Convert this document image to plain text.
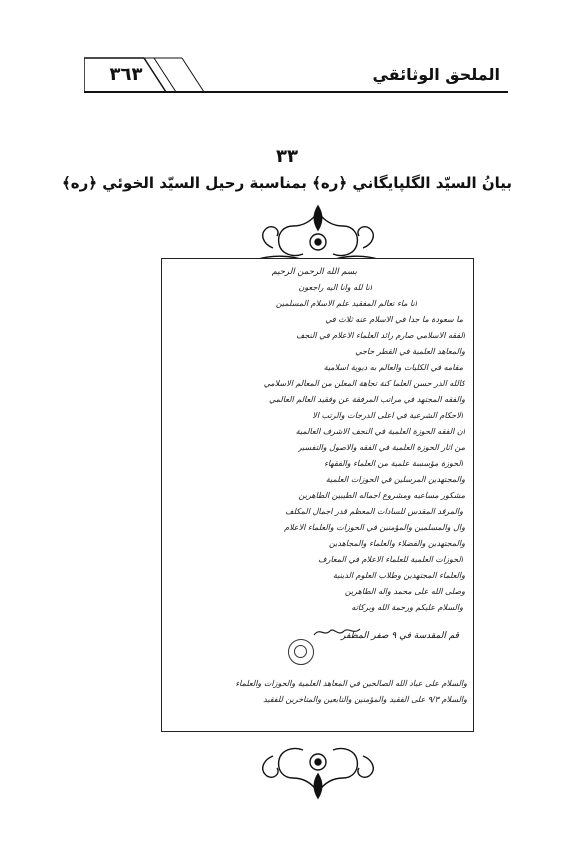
٣٦٣	الملحق الوثائقي
٣٣
بيانُ السيّد الگلپايگاني ﴿ره﴾ بمناسبة رحيل السيّد الخوئي ﴿ره﴾
بسم الله الرحمن الرحيم
انا لله وانا اليه راجعون
انا ماء تعالم المفقيد علم الاسلام المسلمين
ما سعودة ما جدا في الاسلام عنه ثلاث في
الفقه الاسلامي صارم رائد العلماء الاعلام في النجف
والمعاهد العلمية في القطر حاجي
مقامه في الكليات والعالم به ديوية اسلامية
كالله الدر حسن العلما كنة تجاهة المعلن من المعالم الاسلامي
والفقه المجتهد في مراتب المرفقة عن وفقيد العالم العالمي
الاحكام الشرعية في اعلى الدرجات والرتب الا
ان الفقه الحوزة العلمية في النجف الاشرف العالمية
من اثار الحوزة العلمية في الفقه والاصول والتفسير
الحوزة مؤسسة علمية من العلماء والفقهاء
والمجتهدين المرسلين في الحوزات العلمية
مشكور مساعيه ومشروع اجماله الطيبين الطاهرين
والمرقد المقدس للسادات المعظم قدر اجمال المكلف
وال والمسلمين والمؤمنين في الحوزات والعلماء الاعلام
والمجتهدين والفضلاء والعلماء والمجاهدين
الحوزات العلمية للعلماء الاعلام في المعارف
والعلماء المجتهدين وطلاب العلوم الدينية
وصلى الله على محمد واله الطاهرين
والسلام عليكم ورحمة الله وبركاته
قم المقدسة في ٩ صفر المظفر
والسلام على عباد الله الصالحين في المعاهد العلمية والحوزات والعلماء
والسلام ٩/٣ على الفقيد والمؤمنين والتابعين والمتاخرين للفقيد
